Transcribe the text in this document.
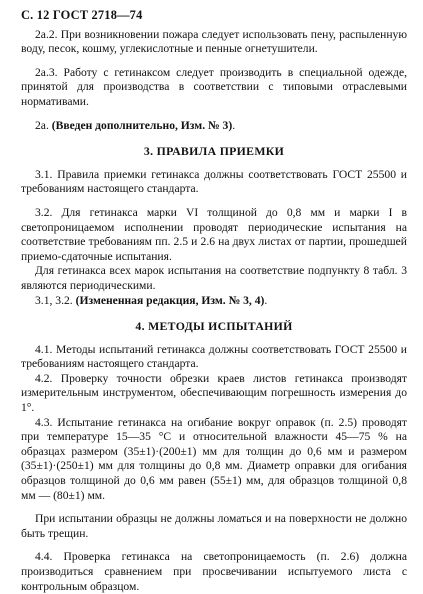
С. 12 ГОСТ 2718—74

2а.2. При возникновении пожара следует использовать пену, распыленную воду, песок, кошму, углекислотные и пенные огнетушители.

2а.3. Работу с гетинаксом следует производить в специальной одежде, принятой для производства в соответствии с типовыми отраслевыми нормативами.

2а. (Введен дополнительно, Изм. № 3).

3. ПРАВИЛА ПРИЕМКИ

3.1. Правила приемки гетинакса должны соответствовать ГОСТ 25500 и требованиям настоящего стандарта.

3.2. Для гетинакса марки VI толщиной до 0,8 мм и марки I в светопроницаемом исполнении проводят периодические испытания на соответствие требованиям пп. 2.5 и 2.6 на двух листах от партии, прошедшей приемо-сдаточные испытания.

Для гетинакса всех марок испытания на соответствие подпункту 8 табл. 3 являются периодическими.

3.1, 3.2. (Измененная редакция, Изм. № 3, 4).

4. МЕТОДЫ ИСПЫТАНИЙ

4.1. Методы испытаний гетинакса должны соответствовать ГОСТ 25500 и требованиям настоящего стандарта.

4.2. Проверку точности обрезки краев листов гетинакса производят измерительным инструментом, обеспечивающим погрешность измерения до 1°.

4.3. Испытание гетинакса на огибание вокруг оправок (п. 2.5) проводят при температуре 15—35 °С и относительной влажности 45—75 % на образцах размером (35±1)·(200±1) мм для толщин до 0,6 мм и размером (35±1)·(250±1) мм для толщины до 0,8 мм. Диаметр оправки для огибания образцов толщиной до 0,6 мм равен (55±1) мм, для образцов толщиной 0,8 мм — (80±1) мм.

При испытании образцы не должны ломаться и на поверхности не должно быть трещин.

4.4. Проверка гетинакса на светопроницаемость (п. 2.6) должна производиться сравнением при просвечивании испытуемого листа с контрольным образцом.
